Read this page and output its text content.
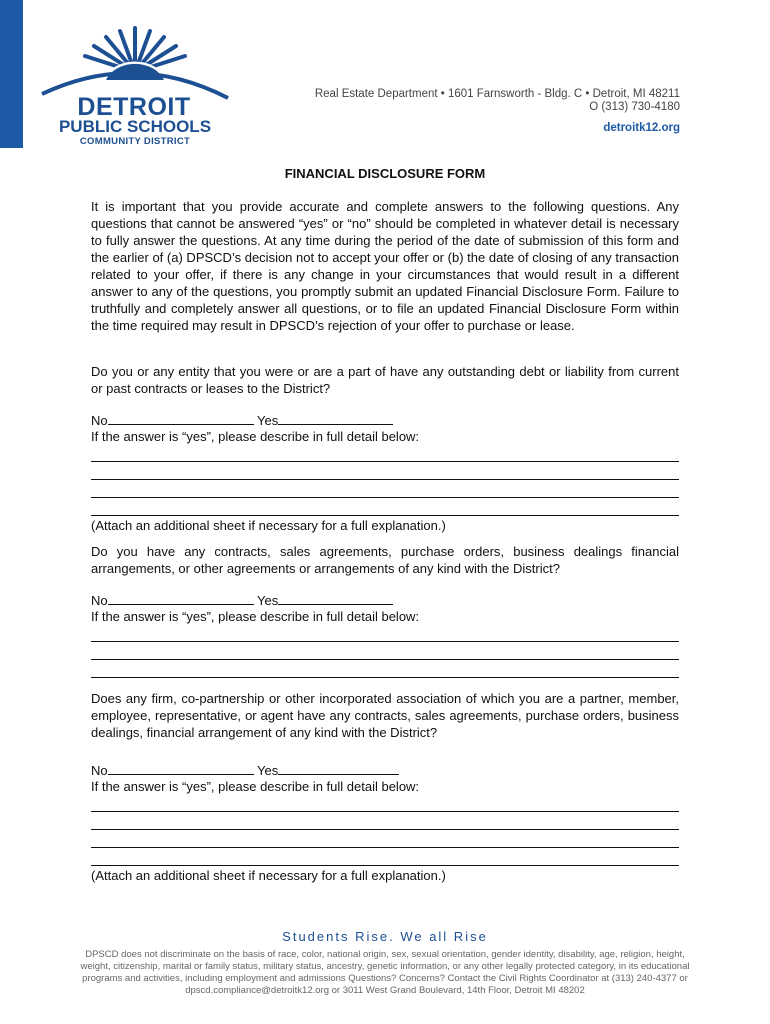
DETROIT
PUBLIC SCHOOLS
COMMUNITY DISTRICT
Real Estate Department • 1601 Farnsworth - Bldg. C • Detroit, MI 48211
O (313) 730-4180
detroitk12.org
FINANCIAL DISCLOSURE FORM
It is important that you provide accurate and complete answers to the following questions. Any questions that cannot be answered “yes” or “no” should be completed in whatever detail is necessary to fully answer the questions. At any time during the period of the date of submission of this form and the earlier of (a) DPSCD’s decision not to accept your offer or (b) the date of closing of any transaction related to your offer, if there is any change in your circumstances that would result in a different answer to any of the questions, you promptly submit an updated Financial Disclosure Form. Failure to truthfully and completely answer all questions, or to file an updated Financial Disclosure Form within the time required may result in DPSCD’s rejection of your offer to purchase or lease.
Do you or any entity that you were or are a part of have any outstanding debt or liability from current or past contracts or leases to the District?
No	Yes
If the answer is “yes”, please describe in full detail below:
(Attach an additional sheet if necessary for a full explanation.)
Do you have any contracts, sales agreements, purchase orders, business dealings financial arrangements, or other agreements or arrangements of any kind with the District?
No	Yes
If the answer is “yes”, please describe in full detail below:
Does any firm, co-partnership or other incorporated association of which you are a partner, member, employee, representative, or agent have any contracts, sales agreements, purchase orders, business dealings, financial arrangement of any kind with the District?
No	Yes
If the answer is “yes”, please describe in full detail below:
(Attach an additional sheet if necessary for a full explanation.)
Students Rise. We all Rise
DPSCD does not discriminate on the basis of race, color, national origin, sex, sexual orientation, gender identity, disability, age, religion, height, weight, citizenship, marital or family status, military status, ancestry, genetic information, or any other legally protected category, in its educational programs and activities, including employment and admissions Questions? Concerns? Contact the Civil Rights Coordinator at (313) 240-4377 or dpscd.compliance@detroitk12.org or 3011 West Grand Boulevard, 14th Floor, Detroit MI 48202
